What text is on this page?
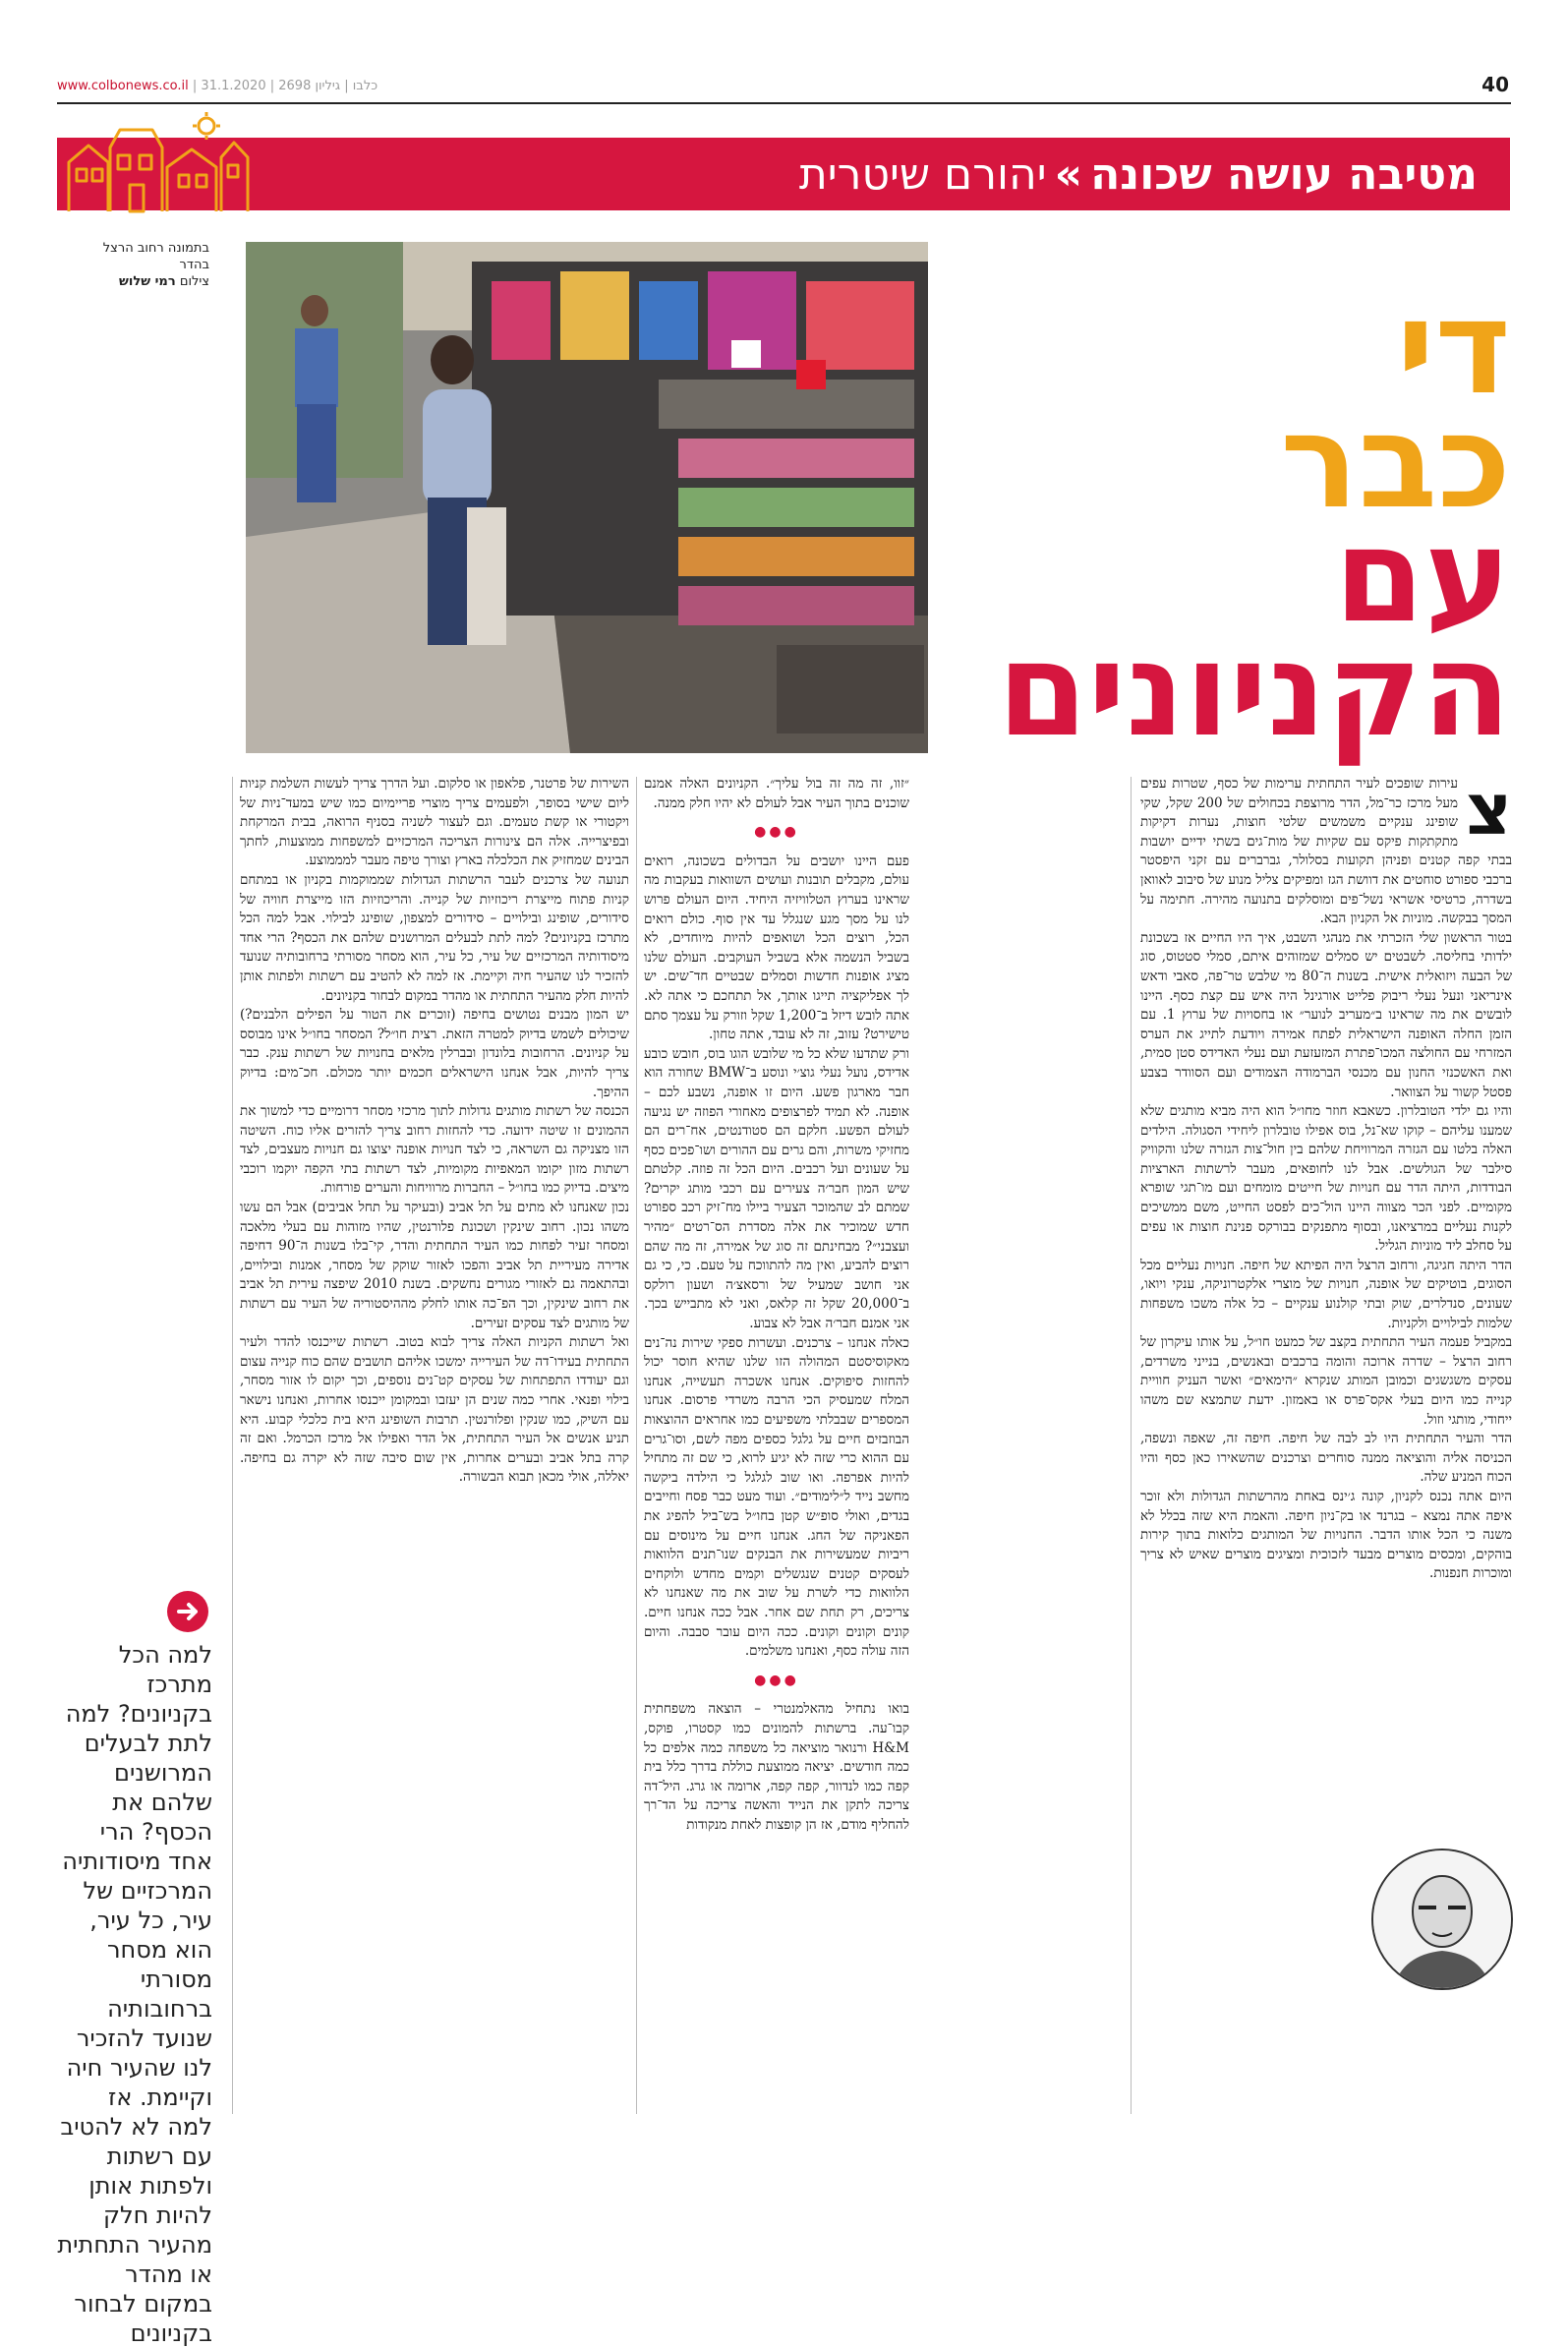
www.colbonews.co.il | כלבו | גיליון 2698 | 31.1.2020	40
מטיבה עושה שכונה»יהורם שיטרית
בתמונה רחוב הרצל
בהדר
צילום רמי שלוש	די
כבר
עם
הקניונים
צ

עירות שופכים לעיר התחתית ערימות של כסף, שטרות עפים מעל מרכז כר־מל, הדר מרוצפת בכחולים של 200 שקל, שקי שופינג ענקיים משמשים שלטי חוצות, נערות דקיקות מתקתקות פיקס עם שקיות של מות־גים בשתי ידיים יושבות בבתי קפה קטנים ופניהן תקועות בסלולר, גברברים עם זקני היפסטר ברכבי ספורט סוחטים את דוושת הגז ומפיקים צליל מנוע של סיבוב לאוואן בשדרה, כרטיסי אשראי נשל־פים ומוסלקים בתנועה מהירה. חתימה על המסך בבקשה. מוניות אל הקניון הבא.

בטור הראשון שלי הזכרתי את מנהגי השבט, איך היו החיים אז בשכונת ילדותי בחליסה. לשבטים יש סמלים שמזוהים איתם, סמלי סטטוס, סוג של הבעה ויזואלית אישית. בשנות ה־80 מי שלבש טר־פה, סאבי ודאש אינריאני ונעל נעלי ריבוק פלייט אורגינל היה איש עם קצת כסף. היינו לובשים את מה שראינו ב״מעריב לנוער״ או בחסויות של ערוץ 1. עם הזמן החלה האופנה הישראלית לפתח אמירה ויודעת לתייג את הערס המזרחי עם החולצה המכו־פתרת המזעזעת ועם נעלי האדידס סטן סמית, ואת האשכנזי החנון עם מכנסי הברמודה הצמודים ועם הסוודר בצבע פסטל קשור על הצוואר.

והיו גם ילדי הטובלרון. כשאבא חוזר מחו״ל הוא היה מביא מותגים שלא שמענו עליהם – קוקו שא־נל, בוס אפילו טובלרון ליחידי הסגולה. הילדים האלה בלטו עם הגזרה המרוויחת שלהם בין חול־צות הגזרה שלנו והקוויק סילבר של הגולשים. אבל לנו לחופאים, מעבר לרשתות הארציות הבודדות, היתה הדר עם חנויות של חייטים מומחים ועם מו־תגי שופרא מקומיים. לפני הכר מצווה היינו הול־כים לפסט החייט, משם ממשיכים לקנות נעליים במרציאנו, ובסוף מתפנקים בבורקס פנינת חוצות או עפים על סחלב ליד מוניות הגליל.

הדר היתה חגיגה, ורחוב הרצל היה הפיתא של חיפה. חנויות נעליים מכל הסוגים, בוטיקים של אופנה, חנויות של מוצרי אלקטרוניקה, ענקי ויואו, שעונים, סנדלרים, שוק ובתי קולנוע ענקיים – כל אלה משכו משפחות שלמות לבילויים ולקניות.

במקביל פעמה העיר התחתית בקצב של כמעט חו״ל, על אותו עיקרון של רחוב הרצל – שדרה ארוכה והומה ברכבים ובאנשים, בנייני משרדים, עסקים משגשגים וכמובן המותג שנקרא ״הימאים״ ואשר העניק חוויית קנייה כמו היום בעלי אקס־פרס או באמזון. ידעת שתמצא שם משהו ייחודי, מותגי וזול.

הדר והעיר התחתית היו לב לבה של חיפה. חיפה זה, שאפה ונשפה, הכניסה אליה והוציאה ממנה סוחרים וצרכנים שהשאירו כאן כסף והיו הכוח המניע שלה.

היום אתה נכנס לקניון, קונה ג׳ינס באחת מהרשתות הגדולות ולא זוכר איפה אתה נמצא – בגרנד או בק־ניון חיפה. והאמת היא שזה בכלל לא משנה כי הכל אותו הדבר. החנויות של המותגים כלואות בתוך קירות בוהקים, ומכסים מוצרים מבעד לזכוכית ומציגים מוצרים שאיש לא צריך ומוכרות חנפנות.

״זוו, זה מה זה בול עליך״. הקניונים האלה אמנם שוכנים בתוך העיר אבל לעולם לא יהיו חלק ממנה.

●●●

פעם היינו יושבים על הבדולים בשכונה, רואים עולם, מקבלים תובנות ועושים השוואות בעקבות מה שראינו בערוץ הטלוויזיה היחיד. היום העולם פרוש לנו על מסך מגע שנגלל עד אין סוף. כולם רואים הכל, רוצים הכל ושואפים להיות מיוחדים, לא בשביל הנשמה אלא בשביל העוקבים. העולם שלנו מציג אופנות חדשות וסמלים שבטיים חד־שים. יש לך אפליקציה תייגו אותך, אל תתחכם כי אתה לא. אתה לובש דיזל ב־1,200 שקל וזורק על עצמך סתם טישירט? עזוב, זה לא עובד, אתה טחון.

ורק שתדעו שלא כל מי שלובש הוגו בוס, חובש כובע אדידס, נועל נעלי גוצ׳י ונוסע ב־BMW שחורה הוא חבר מארגון פשע. היום זו אופנה, נשבע לכם – אופנה. לא תמיד לפרצופים מאחורי הפוזה יש נגיעה לעולם הפשע. חלקם הם סטודנטים, אח־רים הם מחזיקי משרות, והם גרים עם ההורים ושו־פכים כסף על שעונים ועל רכבים. היום הכל זה פוזה. קלטתם שיש המון חבר׳ה צעירים עם רכבי מותג יקרים? שמתם לב שהמוכר הצעיר ביילו מח־זיק רכב ספורט חדש שמוכיר את אלה מסדרת הס־רטים ״מהיר ועצבני״? מבחינתם זה סוג של אמירה, זה מה שהם רוצים להביע, ואין מה להתווכח על טעם. כי, כי גם אני חושב שמעיל של ורסאצ׳ה ושעון רולקס ב־20,000 שקל זה קלאס, ואני לא מתבייש בכך. אני אמנם חבר׳ה אבל לא צבוע.

כאלה אנחנו – צרכנים. ועשרות ספקי שירות נה־נים מאקוסיסטם המהולה הזו שלנו שהיא חוסר יכול להחזות סיפוקים. אנחנו אשכרה תעשייה, אנחנו המלח שמעסיק הכי הרבה משרדי פרסום. אנחנו המספרים שבבלתי משפיעים כמו אחראים ההוצאות הבוזבזים חיים על גלגל כספים מפה לשם, וסו־גרים עם ההוא כרי שזה לא יגיע לרוא, כי שם זה מתחיל להיות אפרפה. ואו שוב לגלגל כי הילדה ביקשה מחשב נייד ל״לימודים״. ועוד מעט כבר פסח וחייבים בגדים, ואולי סופ״ש קטן בחו״ל בש־ביל להפיג את הפאניקה של החג. אנחנו חיים על מינוסים עם ריביות שמעשירות את הבנקים שנו־תנים הלוואות לעסקים קטנים שנגשלים וקמים מחדש ולוקחים הלוואות כדי לשרת על שוב את מה שאנחנו לא צריכים, רק תחת שם אחר. אבל ככה אנחנו חיים. קונים וקונים וקונים. ככה היום עובר סבבה. והיום הזה עולה כסף, ואנחנו משלמים.

●●●

בואו נתחיל מהאלמנטרי – הוצאה משפחתית קבו־עה. ברשתות להמונים כמו קסטרו, פוקס, H&M ורנואר מוציאה כל משפחה כמה אלפים כל כמה חודשים. יציאה ממוצעת כוללת בדרך כלל בית קפה כמו לנדוור, קפה קפה, ארומה או גרג. היל־דה צריכה לתקן את הנייד והאשה צריכה על הד־רך להחליף מודם, אז הן קופצות לאחת מנקודות

השירות של פרטנר, פלאפון או סלקום. ועל הדרך צריך לעשות השלמת קניות ליום שישי בסופר, ולפעמים צריך מוצרי פריימיום כמו שיש במעד־ניות של ויקטורי או קשת טעמים. וגם לעצור לשניה בסניף הרואה, בבית המרקחת ובפיצרייה. אלה הם צינורות הצריכה המרכזיים למשפחות ממוצעות, לחתך הבינים שמחזיק את הכלכלה בארץ וצורך טיפה מעבר למממוצע.

תנועה של צרכנים לעבר הרשתות הגדולות שממוקמות בקניון או במתחם קניות פתוח מייצרת ריכוזיות של קנייה. והריכוזיות הזו מייצרת חוויה של סידורים, שופינג ובילויים – סידורים למצפון, שופינג לבילוי. אבל למה הכל מתרכז בקניונים? למה לתת לבעלים המרושנים שלהם את הכסף? הרי אחד מיסודותיה המרכזיים של עיר, כל עיר, הוא מסחר מסורתי ברחובותיה שנועד להזכיר לנו שהעיר חיה וקיימת. אז למה לא להטיב עם רשתות ולפתות אותן להיות חלק מהעיר התחתית או מהדר במקום לבחור בקניונים.

יש המון מבנים נטושים בחיפה (זוכרים את הטור על הפילים הלבנים?) שיכולים לשמש בדיוק למטרה הזאת. רצית חו״ל? המסחר בחו״ל אינו מבוסס על קניונים. הרחובות בלונדון ובברלין מלאים בחנויות של רשתות ענק. כבר צריך להיות, אבל אנחנו הישראלים חכמים יותר מכולם. חכ־מים: בדיוק ההיפך.

הכנסה של רשתות מותגים גדולות לתוך מרכזי מסחר דרומיים כדי למשוך את ההמונים זו שיטה ידועה. כדי להחזות רחוב צריך להזרים אליו כוח. השיטה הזו מצניקה גם השראה, כי לצד חנויות אופנה יצוצו גם חנויות מעצבים, לצד רשתות מזון יקומו המאפיות מקומיות, לצד רשתות בתי הקפה יוקמו רוכבי מיצים. בדיוק כמו בחו״ל – החברות מרוויחות והערים פורחות.

נכון שאנחנו לא מתים על תל אביב (ובעיקר על תחל אביבים) אבל הם עשו משהו נכון. רחוב שינקין ושכונת פלורנטין, שהיו מזוהות עם בעלי מלאכה ומסחר זעיר לפחות כמו העיר התחתית והדר, קי־בלו בשנות ה־90 דחיפה אדירה מעיריית תל אביב והפכו לאזור שוקק של מסחר, אמנות ובילויים, ובהתאמה גם לאזורי מגורים נחשקים. בשנת 2010 שיפצה עירית תל אביב את רחוב שינקין, וכך הפ־כה אותו לחלק מההיסטוריה של העיר עם רשתות של מותגים לצד עסקים זעירים.

ואל רשתות הקניות האלה צריך לבוא בטוב. רשתות שייכנסו להדר ולעיר התחתית בעידו־דה של העירייה ימשכו אליהם תושבים שהם כוח קנייה עצום וגם יעודדו התפתחות של עסקים קט־נים נוספים, וכך יקום לו אזור מסחר, בילוי ופנאי. אחרי כמה שנים הן יעזבו ובמקומן ייכנסו אחרות, ואנחנו נישאר עם השיק, כמו שנקין ופלורנטין. תרבות השופינג היא בית כלכלי קבוע. היא תניע אנשים אל העיר התחתית, אל הדר ואפילו אל מרכז הכרמל. ואם זה קרה בתל אביב ובערים אחרות, אין שום סיבה שזה לא יקרה גם בחיפה. יאללה, אולי מכאן תבוא הבשורה.

למה הכל מתרכז בקניונים? למה לתת לבעלים המרושנים שלהם את הכסף? הרי אחד מיסודותיה המרכזיים של עיר, כל עיר, הוא מסחר מסורתי ברחובותיה שנועד להזכיר לנו שהעיר חיה וקיימת. אז למה לא להטיב עם רשתות ולפתות אותן להיות חלק מהעיר התחתית או מהדר במקום לבחור בקניונים
